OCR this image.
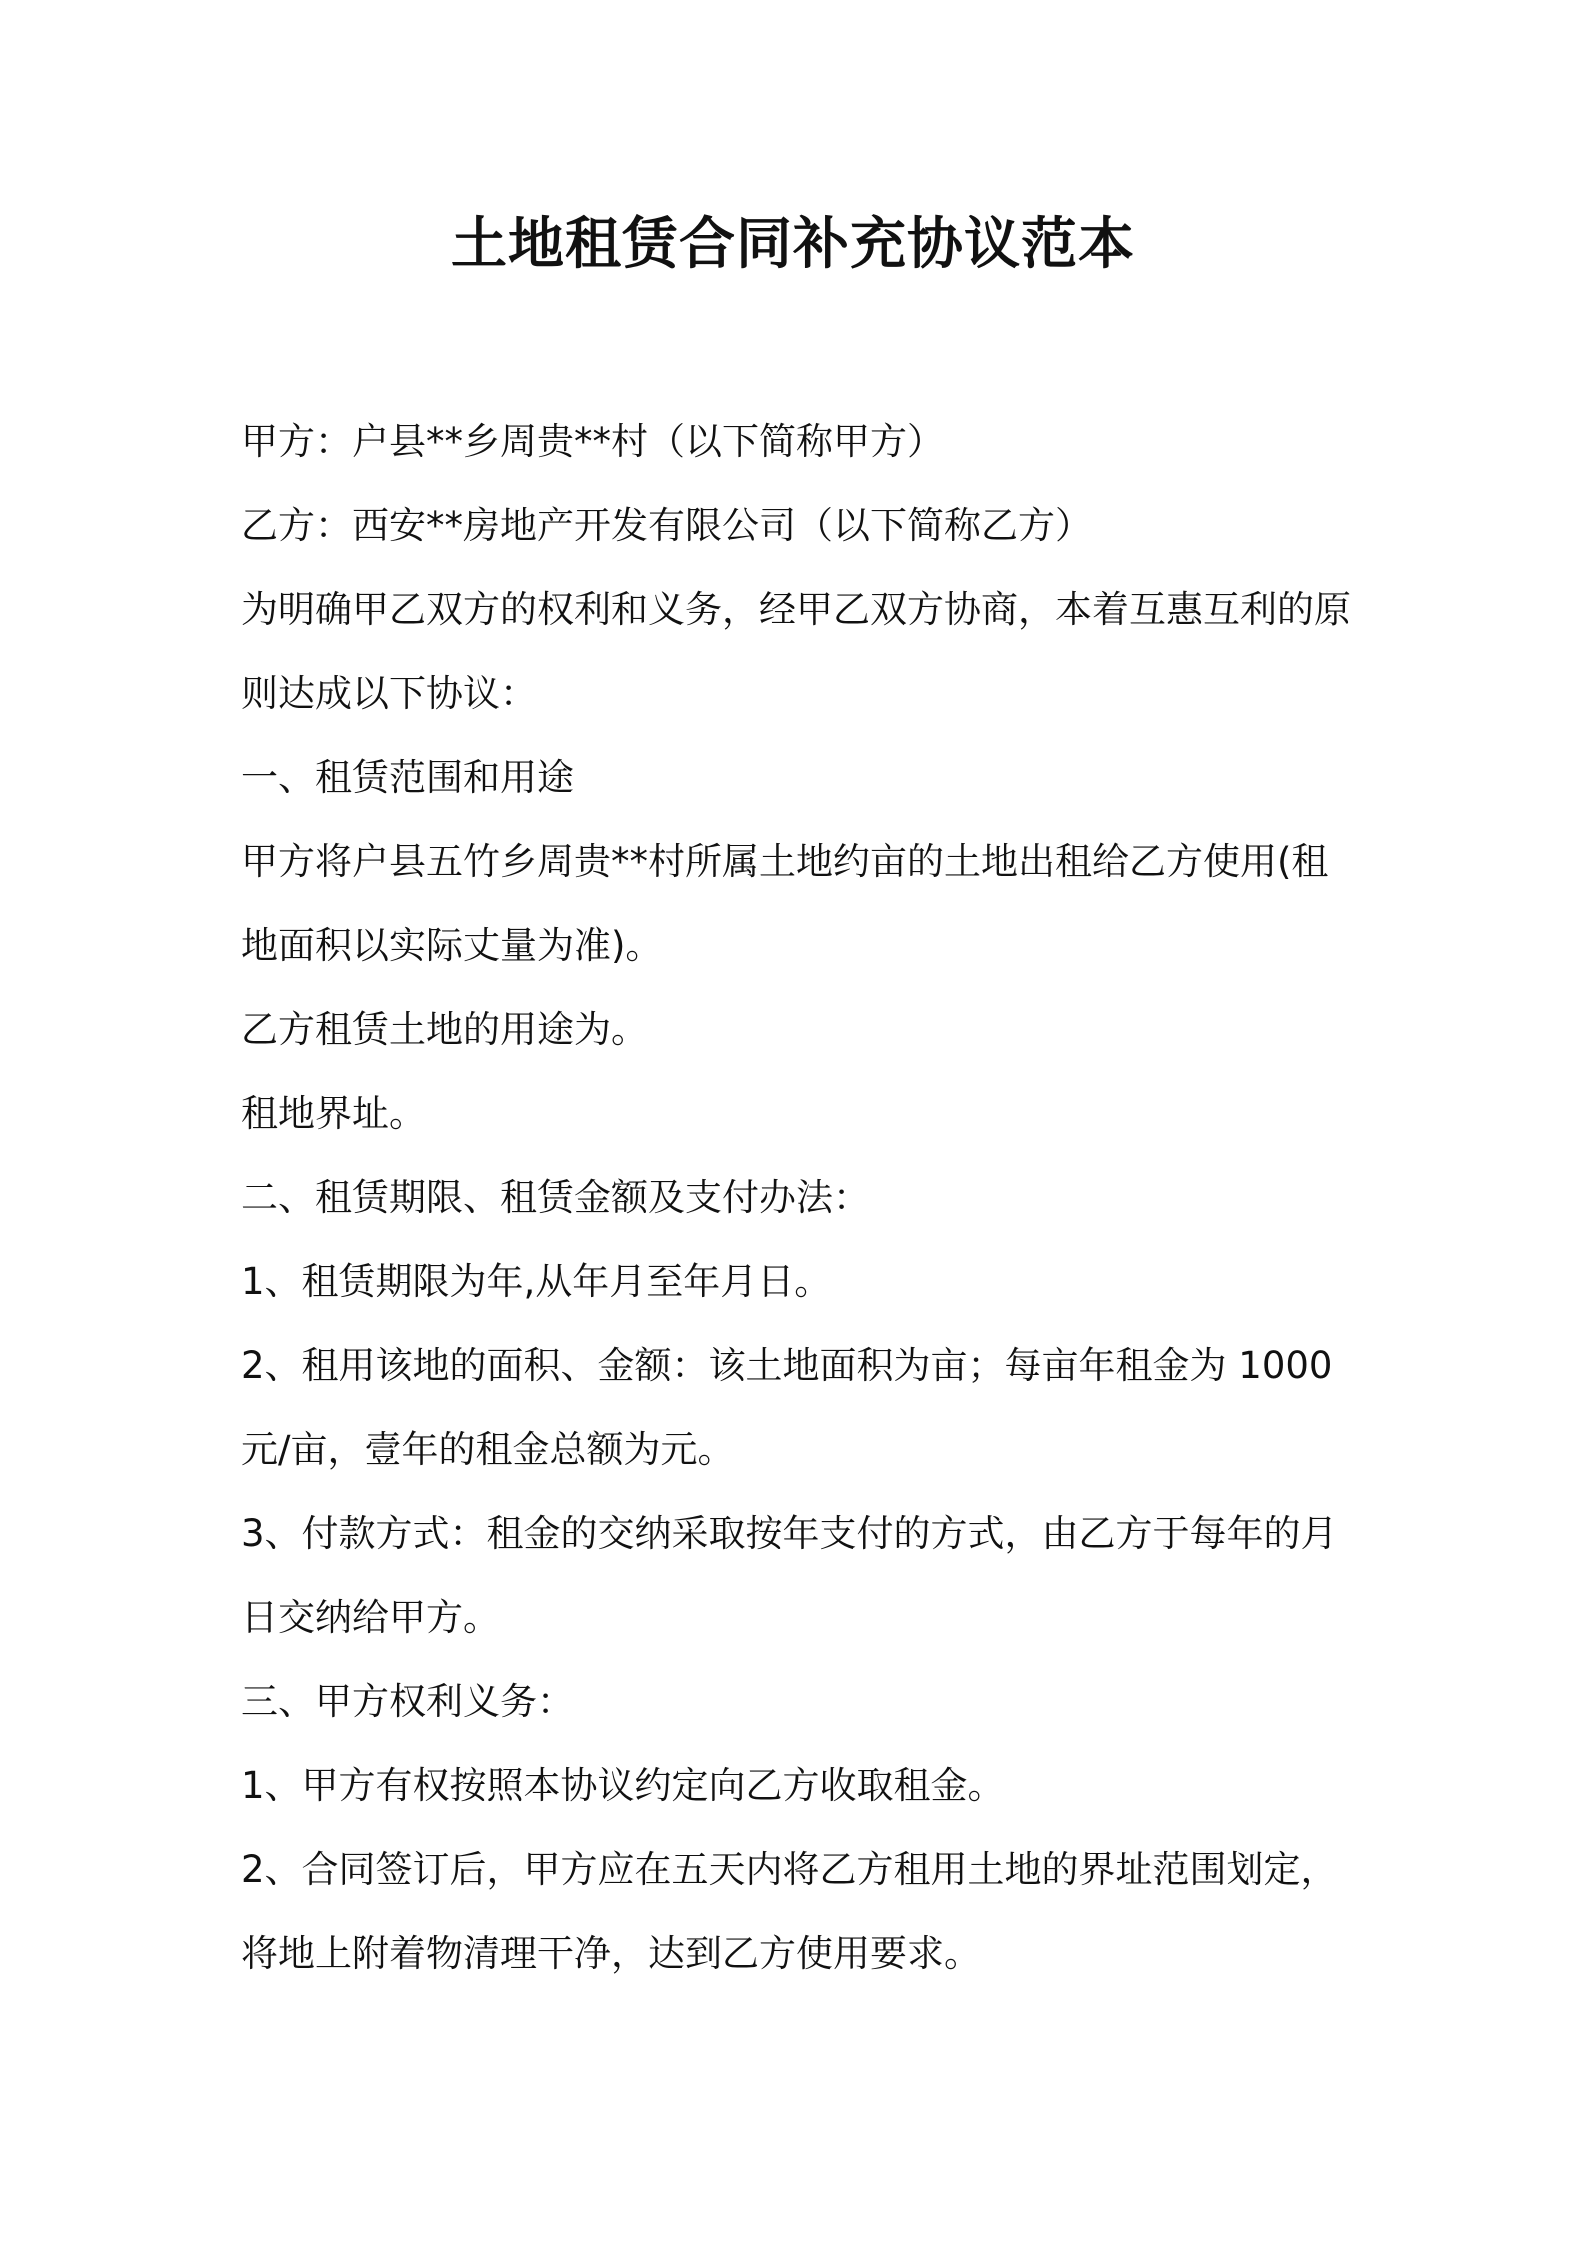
土地租赁合同补充协议范本
甲方：户县**乡周贵**村（以下简称甲方）
乙方：西安**房地产开发有限公司（以下简称乙方）
为明确甲乙双方的权利和义务，经甲乙双方协商，本着互惠互利的原
则达成以下协议：
一、租赁范围和用途
甲方将户县五竹乡周贵**村所属土地约亩的土地出租给乙方使用(租
地面积以实际丈量为准)。
乙方租赁土地的用途为。
租地界址。
二、租赁期限、租赁金额及支付办法：
1、租赁期限为年,从年月至年月日。
2、租用该地的面积、金额：该土地面积为亩；每亩年租金为 1000
元/亩，壹年的租金总额为元。
3、付款方式：租金的交纳采取按年支付的方式，由乙方于每年的月
日交纳给甲方。
三、甲方权利义务：
1、甲方有权按照本协议约定向乙方收取租金。
2、合同签订后，甲方应在五天内将乙方租用土地的界址范围划定，
将地上附着物清理干净，达到乙方使用要求。
